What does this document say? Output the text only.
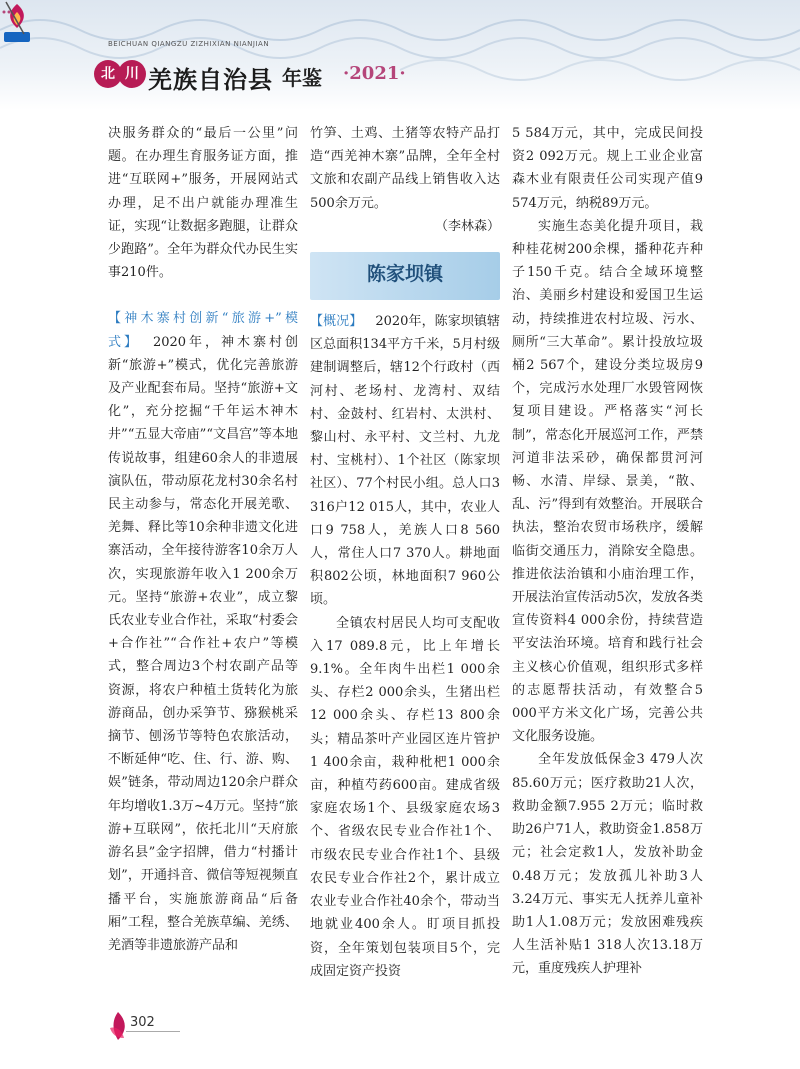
BEICHUAN QIANGZU ZIZHIXIAN NIANJIAN
北 川 羌族自治县 年鉴 ·2021·

决服务群众的“最后一公里”问题。在办理生育服务证方面，推进“互联网+”服务，开展网站式办理，足不出户就能办理准生证，实现“让数据多跑腿，让群众少跑路”。全年为群众代办民生实事210件。

【神木寨村创新“旅游+”模式】  2020年，神木寨村创新“旅游+”模式，优化完善旅游及产业配套布局。坚持“旅游+文化”，充分挖掘“千年运木神木井”“五显大帝庙”“文昌宫”等本地传说故事，组建60余人的非遗展演队伍，带动原花龙村30余名村民主动参与，常态化开展羌歌、羌舞、释比等10余种非遗文化进寨活动，全年接待游客10余万人次，实现旅游年收入1 200余万元。坚持“旅游+农业”，成立黎氏农业专业合作社，采取“村委会+合作社”“合作社+农户”等模式，整合周边3个村农副产品等资源，将农户种植土货转化为旅游商品，创办采笋节、猕猴桃采摘节、刨汤节等特色农旅活动，不断延伸“吃、住、行、游、购、娱”链条，带动周边120余户群众年均增收1.3万~4万元。坚持“旅游+互联网”，依托北川“天府旅游名县”金字招牌，借力“村播计划”，开通抖音、微信等短视频直播平台，实施旅游商品“后备厢”工程，整合羌族草编、羌绣、羌酒等非遗旅游产品和

竹笋、土鸡、土猪等农特产品打造“西羌神木寨”品牌，全年全村文旅和农副产品线上销售收入达500余万元。

（李林森）

陈家坝镇

【概况】  2020年，陈家坝镇辖区总面积134平方千米，5月村级建制调整后，辖12个行政村（西河村、老场村、龙湾村、双结村、金鼓村、红岩村、太洪村、黎山村、永平村、文兰村、九龙村、宝桃村）、1个社区（陈家坝社区）、77个村民小组。总人口3 316户12 015人，其中，农业人口9 758人，羌族人口8 560人，常住人口7 370人。耕地面积802公顷，林地面积7 960公顷。

全镇农村居民人均可支配收入17 089.8元，比上年增长9.1%。全年肉牛出栏1 000余头、存栏2 000余头，生猪出栏12 000余头、存栏13 800余头；精品茶叶产业园区连片管护1 400余亩，栽种枇杷1 000余亩，种植芍药600亩。建成省级家庭农场1个、县级家庭农场3个、省级农民专业合作社1个、市级农民专业合作社1个、县级农民专业合作社2个，累计成立农业专业合作社40余个，带动当地就业400余人。盯项目抓投资，全年策划包装项目5个，完成固定资产投资

5 584万元，其中，完成民间投资2 092万元。规上工业企业富森木业有限责任公司实现产值9 574万元，纳税89万元。

实施生态美化提升项目，栽种桂花树200余棵，播种花卉种子150千克。结合全域环境整治、美丽乡村建设和爱国卫生运动，持续推进农村垃圾、污水、厕所“三大革命”。累计投放垃圾桶2 567个，建设分类垃圾房9个，完成污水处理厂水毁管网恢复项目建设。严格落实“河长制”，常态化开展巡河工作，严禁河道非法采砂，确保都贯河河畅、水清、岸绿、景美，“散、乱、污”得到有效整治。开展联合执法，整治农贸市场秩序，缓解临街交通压力，消除安全隐患。推进依法治镇和小庙治理工作，开展法治宣传活动5次，发放各类宣传资料4 000余份，持续营造平安法治环境。培育和践行社会主义核心价值观，组织形式多样的志愿帮扶活动，有效整合5 000平方米文化广场，完善公共文化服务设施。

全年发放低保金3 479人次85.60万元；医疗救助21人次，救助金额7.955 2万元；临时救助26户71人，救助资金1.858万元；社会定救1人，发放补助金0.48万元；发放孤儿补助3人3.24万元、事实无人抚养儿童补助1人1.08万元；发放困难残疾人生活补贴1 318人次13.18万元，重度残疾人护理补

302
